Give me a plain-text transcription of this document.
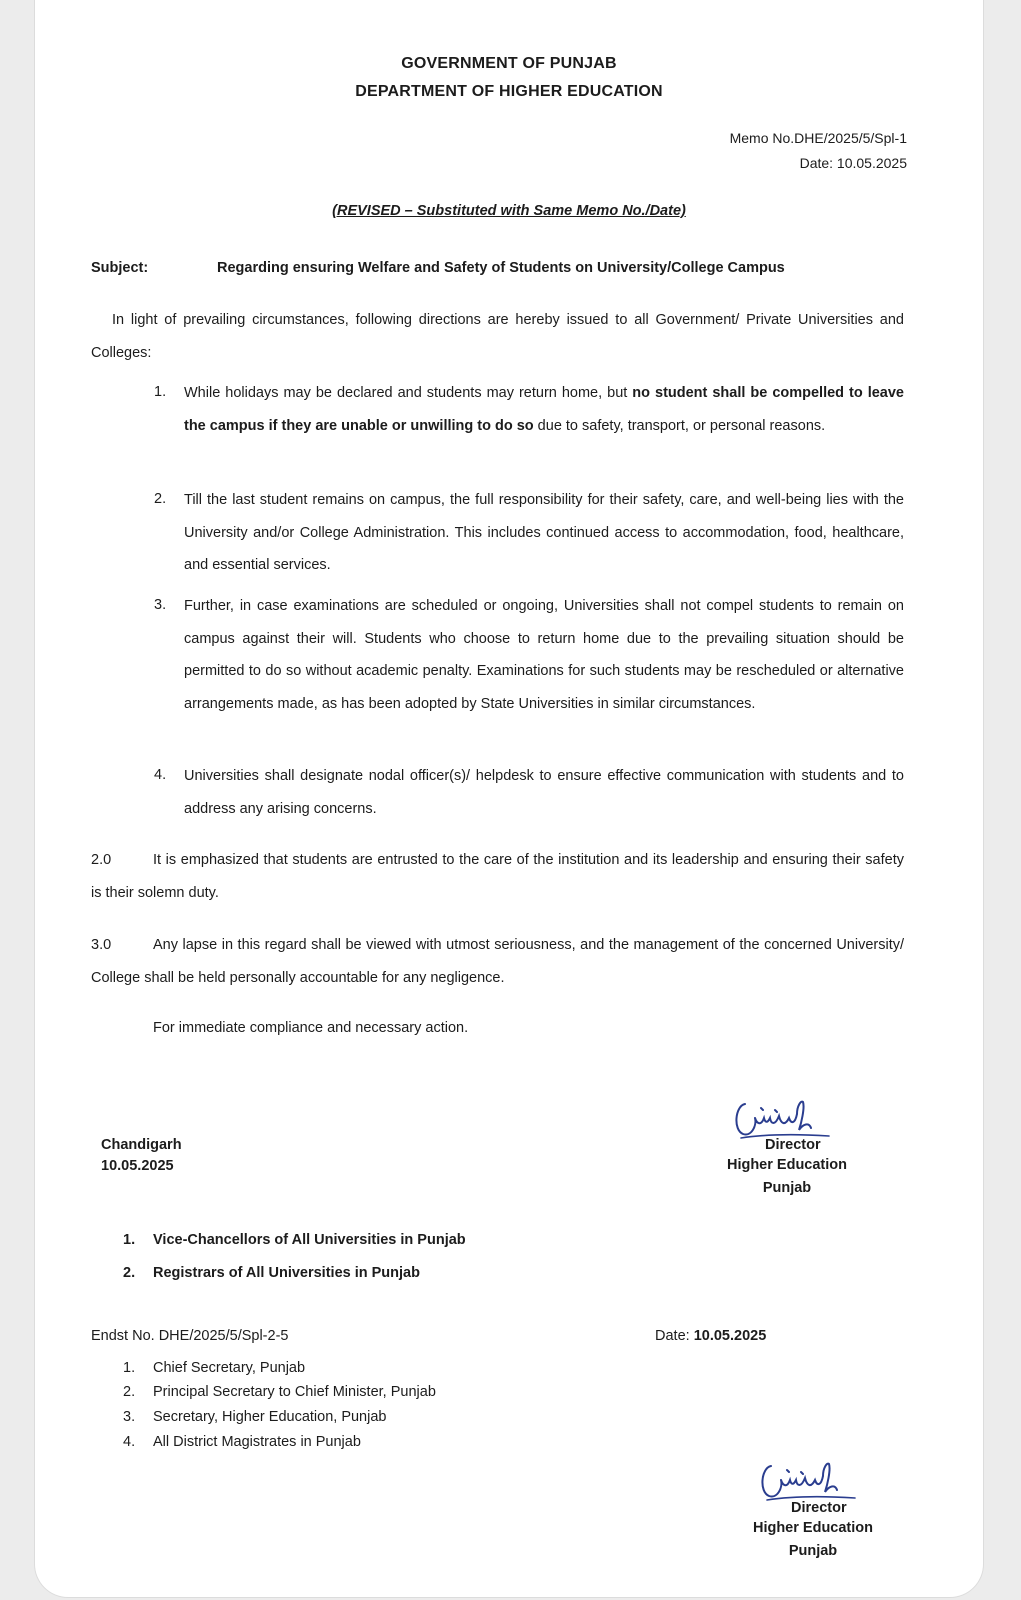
GOVERNMENT OF PUNJAB
DEPARTMENT OF HIGHER EDUCATION
Memo No.DHE/2025/5/Spl-1
Date: 10.05.2025
(REVISED – Substituted with Same Memo No./Date)
Subject:	Regarding ensuring Welfare and Safety of Students on University/College Campus
In light of prevailing circumstances, following directions are hereby issued to all Government/ Private Universities and Colleges:
1. While holidays may be declared and students may return home, but no student shall be compelled to leave the campus if they are unable or unwilling to do so due to safety, transport, or personal reasons.
2. Till the last student remains on campus, the full responsibility for their safety, care, and well-being lies with the University and/or College Administration. This includes continued access to accommodation, food, healthcare, and essential services.
3. Further, in case examinations are scheduled or ongoing, Universities shall not compel students to remain on campus against their will. Students who choose to return home due to the prevailing situation should be permitted to do so without academic penalty. Examinations for such students may be rescheduled or alternative arrangements made, as has been adopted by State Universities in similar circumstances.
4. Universities shall designate nodal officer(s)/ helpdesk to ensure effective communication with students and to address any arising concerns.
2.0	It is emphasized that students are entrusted to the care of the institution and its leadership and ensuring their safety is their solemn duty.
3.0	Any lapse in this regard shall be viewed with utmost seriousness, and the management of the concerned University/ College shall be held personally accountable for any negligence.
For immediate compliance and necessary action.
Chandigarh
10.05.2025
Director
Higher Education
Punjab
1. Vice-Chancellors of All Universities in Punjab
2. Registrars of All Universities in Punjab
Endst No. DHE/2025/5/Spl-2-5	Date: 10.05.2025
1. Chief Secretary, Punjab
2. Principal Secretary to Chief Minister, Punjab
3. Secretary, Higher Education, Punjab
4. All District Magistrates in Punjab
Director
Higher Education
Punjab
